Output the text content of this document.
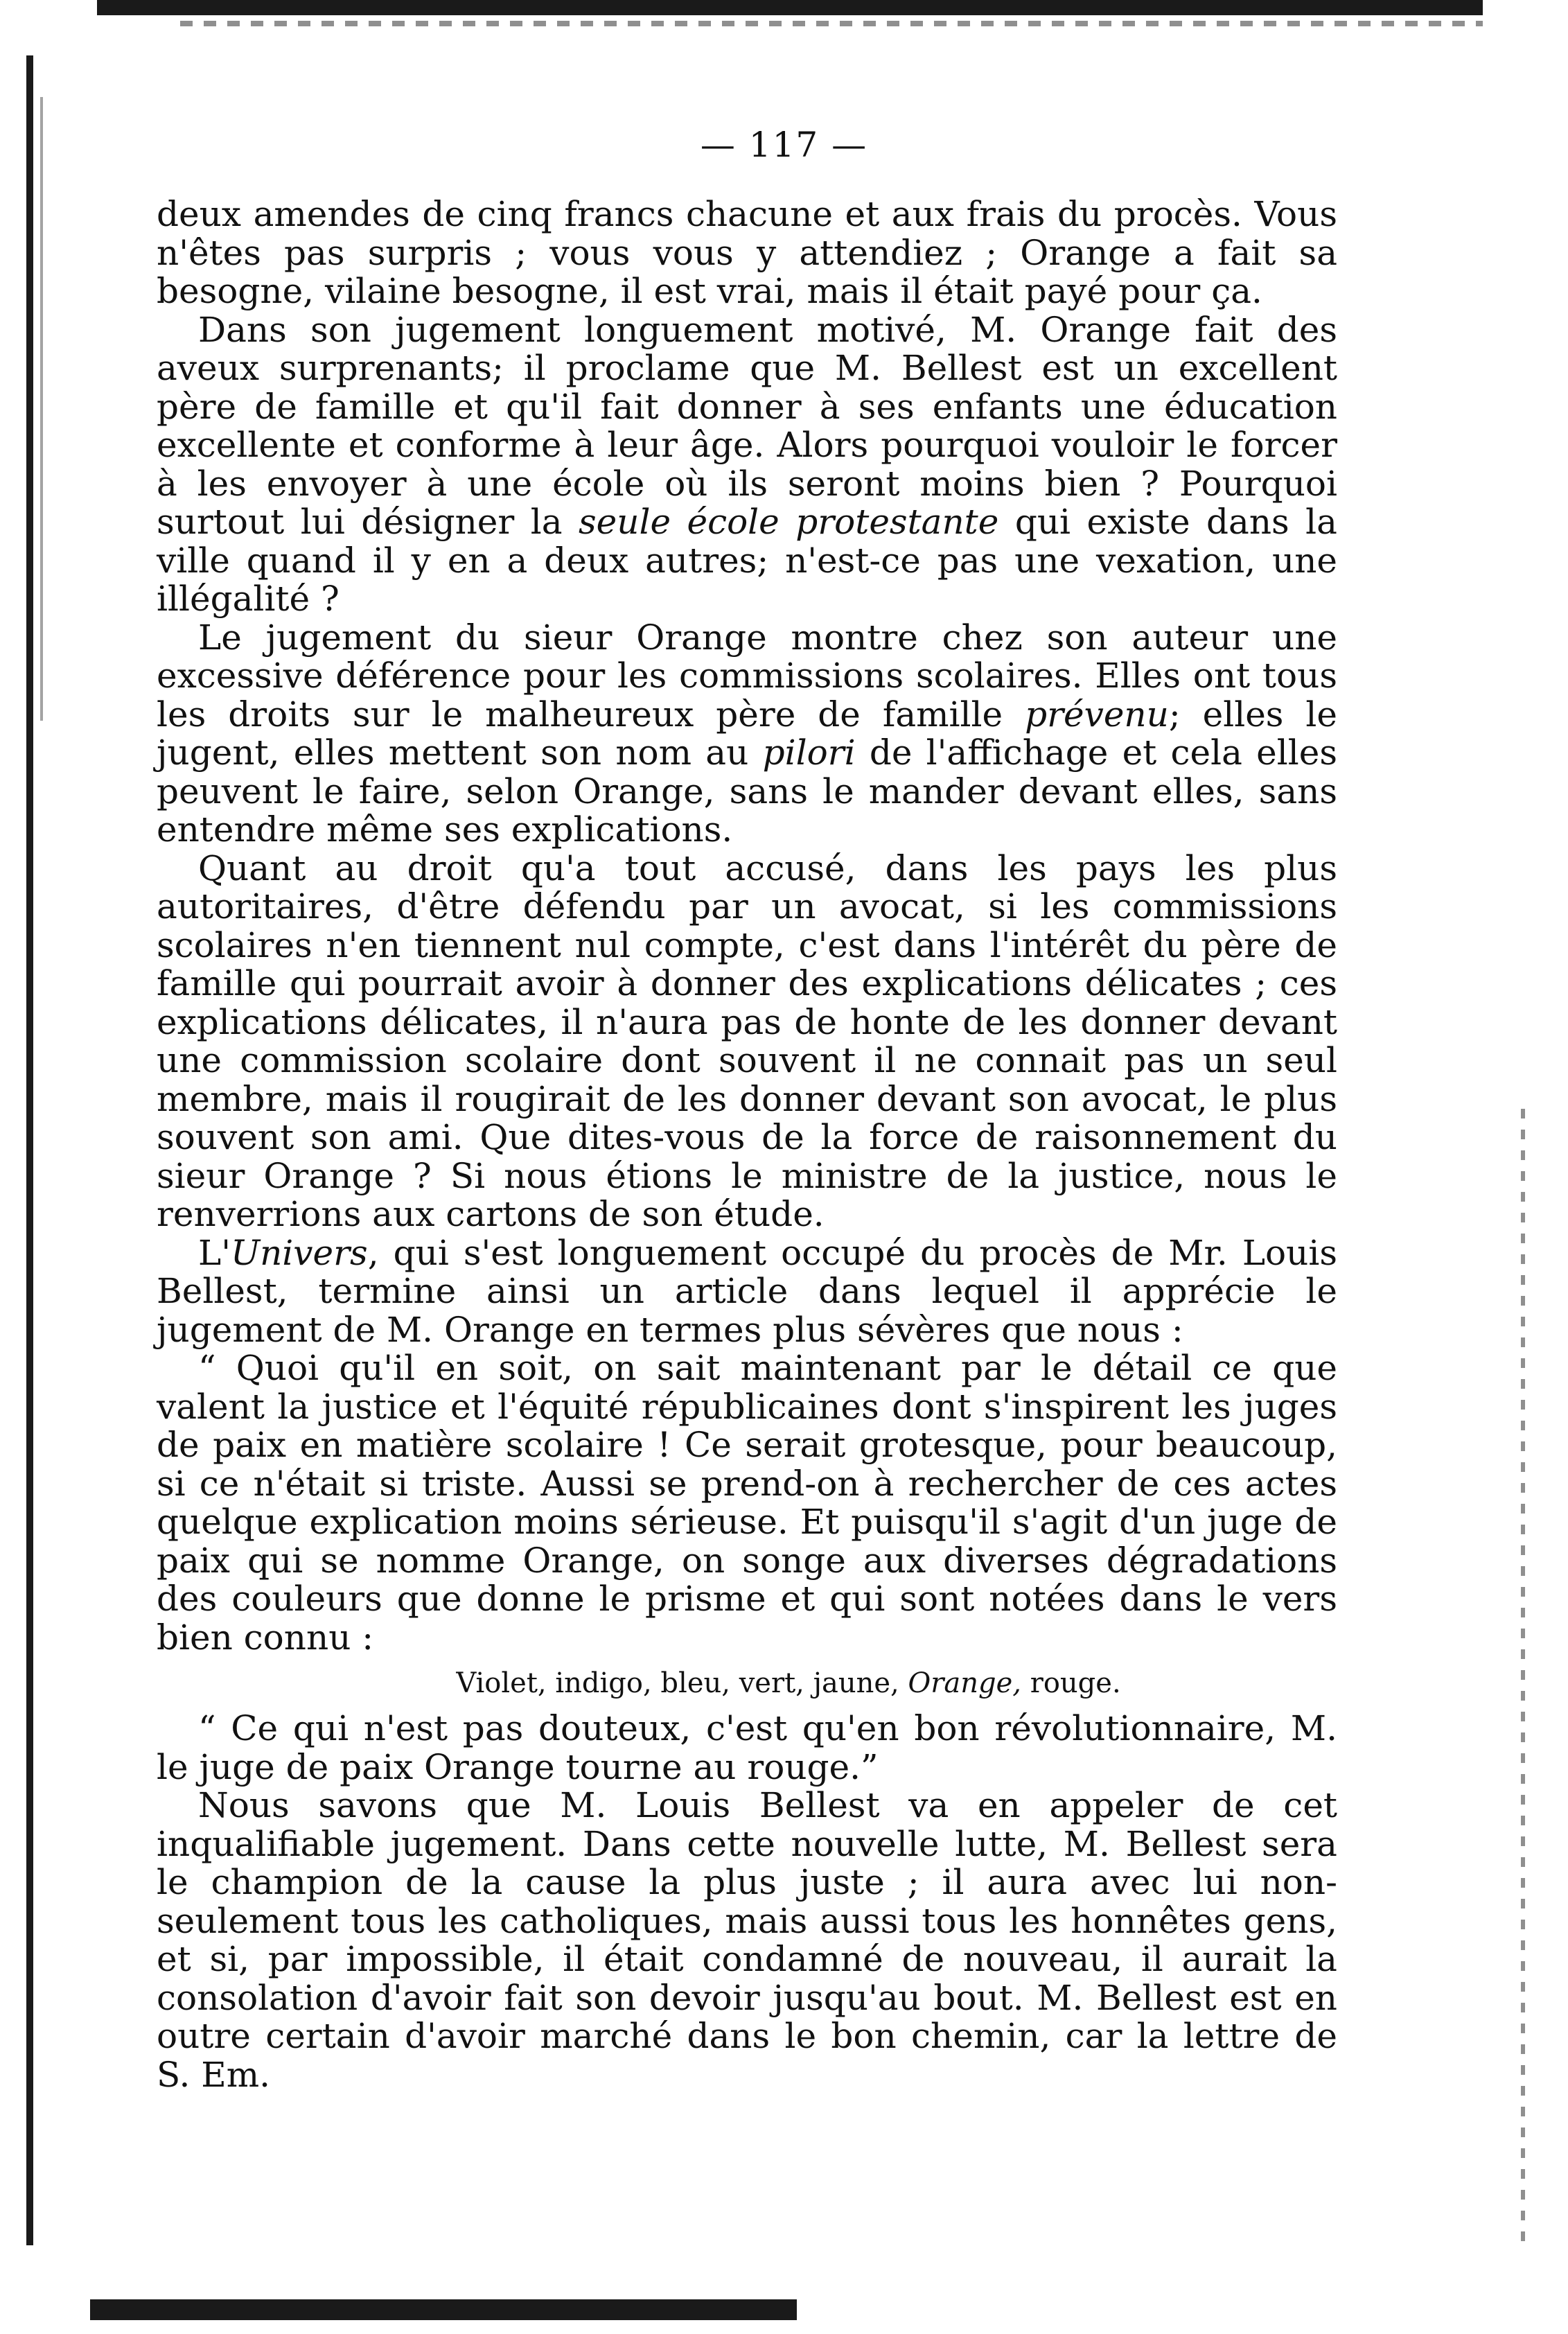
— 117 —

deux amendes de cinq francs chacune et aux frais du procès. Vous n'êtes pas surpris ; vous vous y attendiez ; Orange a fait sa besogne, vilaine besogne, il est vrai, mais il était payé pour ça.

Dans son jugement longuement motivé, M. Orange fait des aveux surprenants; il proclame que M. Bellest est un excellent père de famille et qu'il fait donner à ses enfants une éducation excellente et conforme à leur âge. Alors pourquoi vouloir le forcer à les envoyer à une école où ils seront moins bien ? Pourquoi surtout lui désigner la seule école protestante qui existe dans la ville quand il y en a deux autres; n'est-ce pas une vexation, une illégalité ?

Le jugement du sieur Orange montre chez son auteur une excessive déférence pour les commissions scolaires. Elles ont tous les droits sur le malheureux père de famille prévenu; elles le jugent, elles mettent son nom au pilori de l'affichage et cela elles peuvent le faire, selon Orange, sans le mander devant elles, sans entendre même ses explications.

Quant au droit qu'a tout accusé, dans les pays les plus autoritaires, d'être défendu par un avocat, si les commissions scolaires n'en tiennent nul compte, c'est dans l'intérêt du père de famille qui pourrait avoir à donner des explications délicates ; ces explications délicates, il n'aura pas de honte de les donner devant une commission scolaire dont souvent il ne connait pas un seul membre, mais il rougirait de les donner devant son avocat, le plus souvent son ami. Que dites-vous de la force de raisonnement du sieur Orange ? Si nous étions le ministre de la justice, nous le renverrions aux cartons de son étude.

L'Univers, qui s'est longuement occupé du procès de Mr. Louis Bellest, termine ainsi un article dans lequel il apprécie le jugement de M. Orange en termes plus sévères que nous :

“ Quoi qu'il en soit, on sait maintenant par le détail ce que valent la justice et l'équité républicaines dont s'inspirent les juges de paix en matière scolaire ! Ce serait grotesque, pour beaucoup, si ce n'était si triste. Aussi se prend-on à rechercher de ces actes quelque explication moins sérieuse. Et puisqu'il s'agit d'un juge de paix qui se nomme Orange, on songe aux diverses dégradations des couleurs que donne le prisme et qui sont notées dans le vers bien connu :

Violet, indigo, bleu, vert, jaune, Orange, rouge.

“ Ce qui n'est pas douteux, c'est qu'en bon révolutionnaire, M. le juge de paix Orange tourne au rouge.”

Nous savons que M. Louis Bellest va en appeler de cet inqualifiable jugement. Dans cette nouvelle lutte, M. Bellest sera le champion de la cause la plus juste ; il aura avec lui non-seulement tous les catholiques, mais aussi tous les honnêtes gens, et si, par impossible, il était condamné de nouveau, il aurait la consolation d'avoir fait son devoir jusqu'au bout. M. Bellest est en outre certain d'avoir marché dans le bon chemin, car la lettre de S. Em.
